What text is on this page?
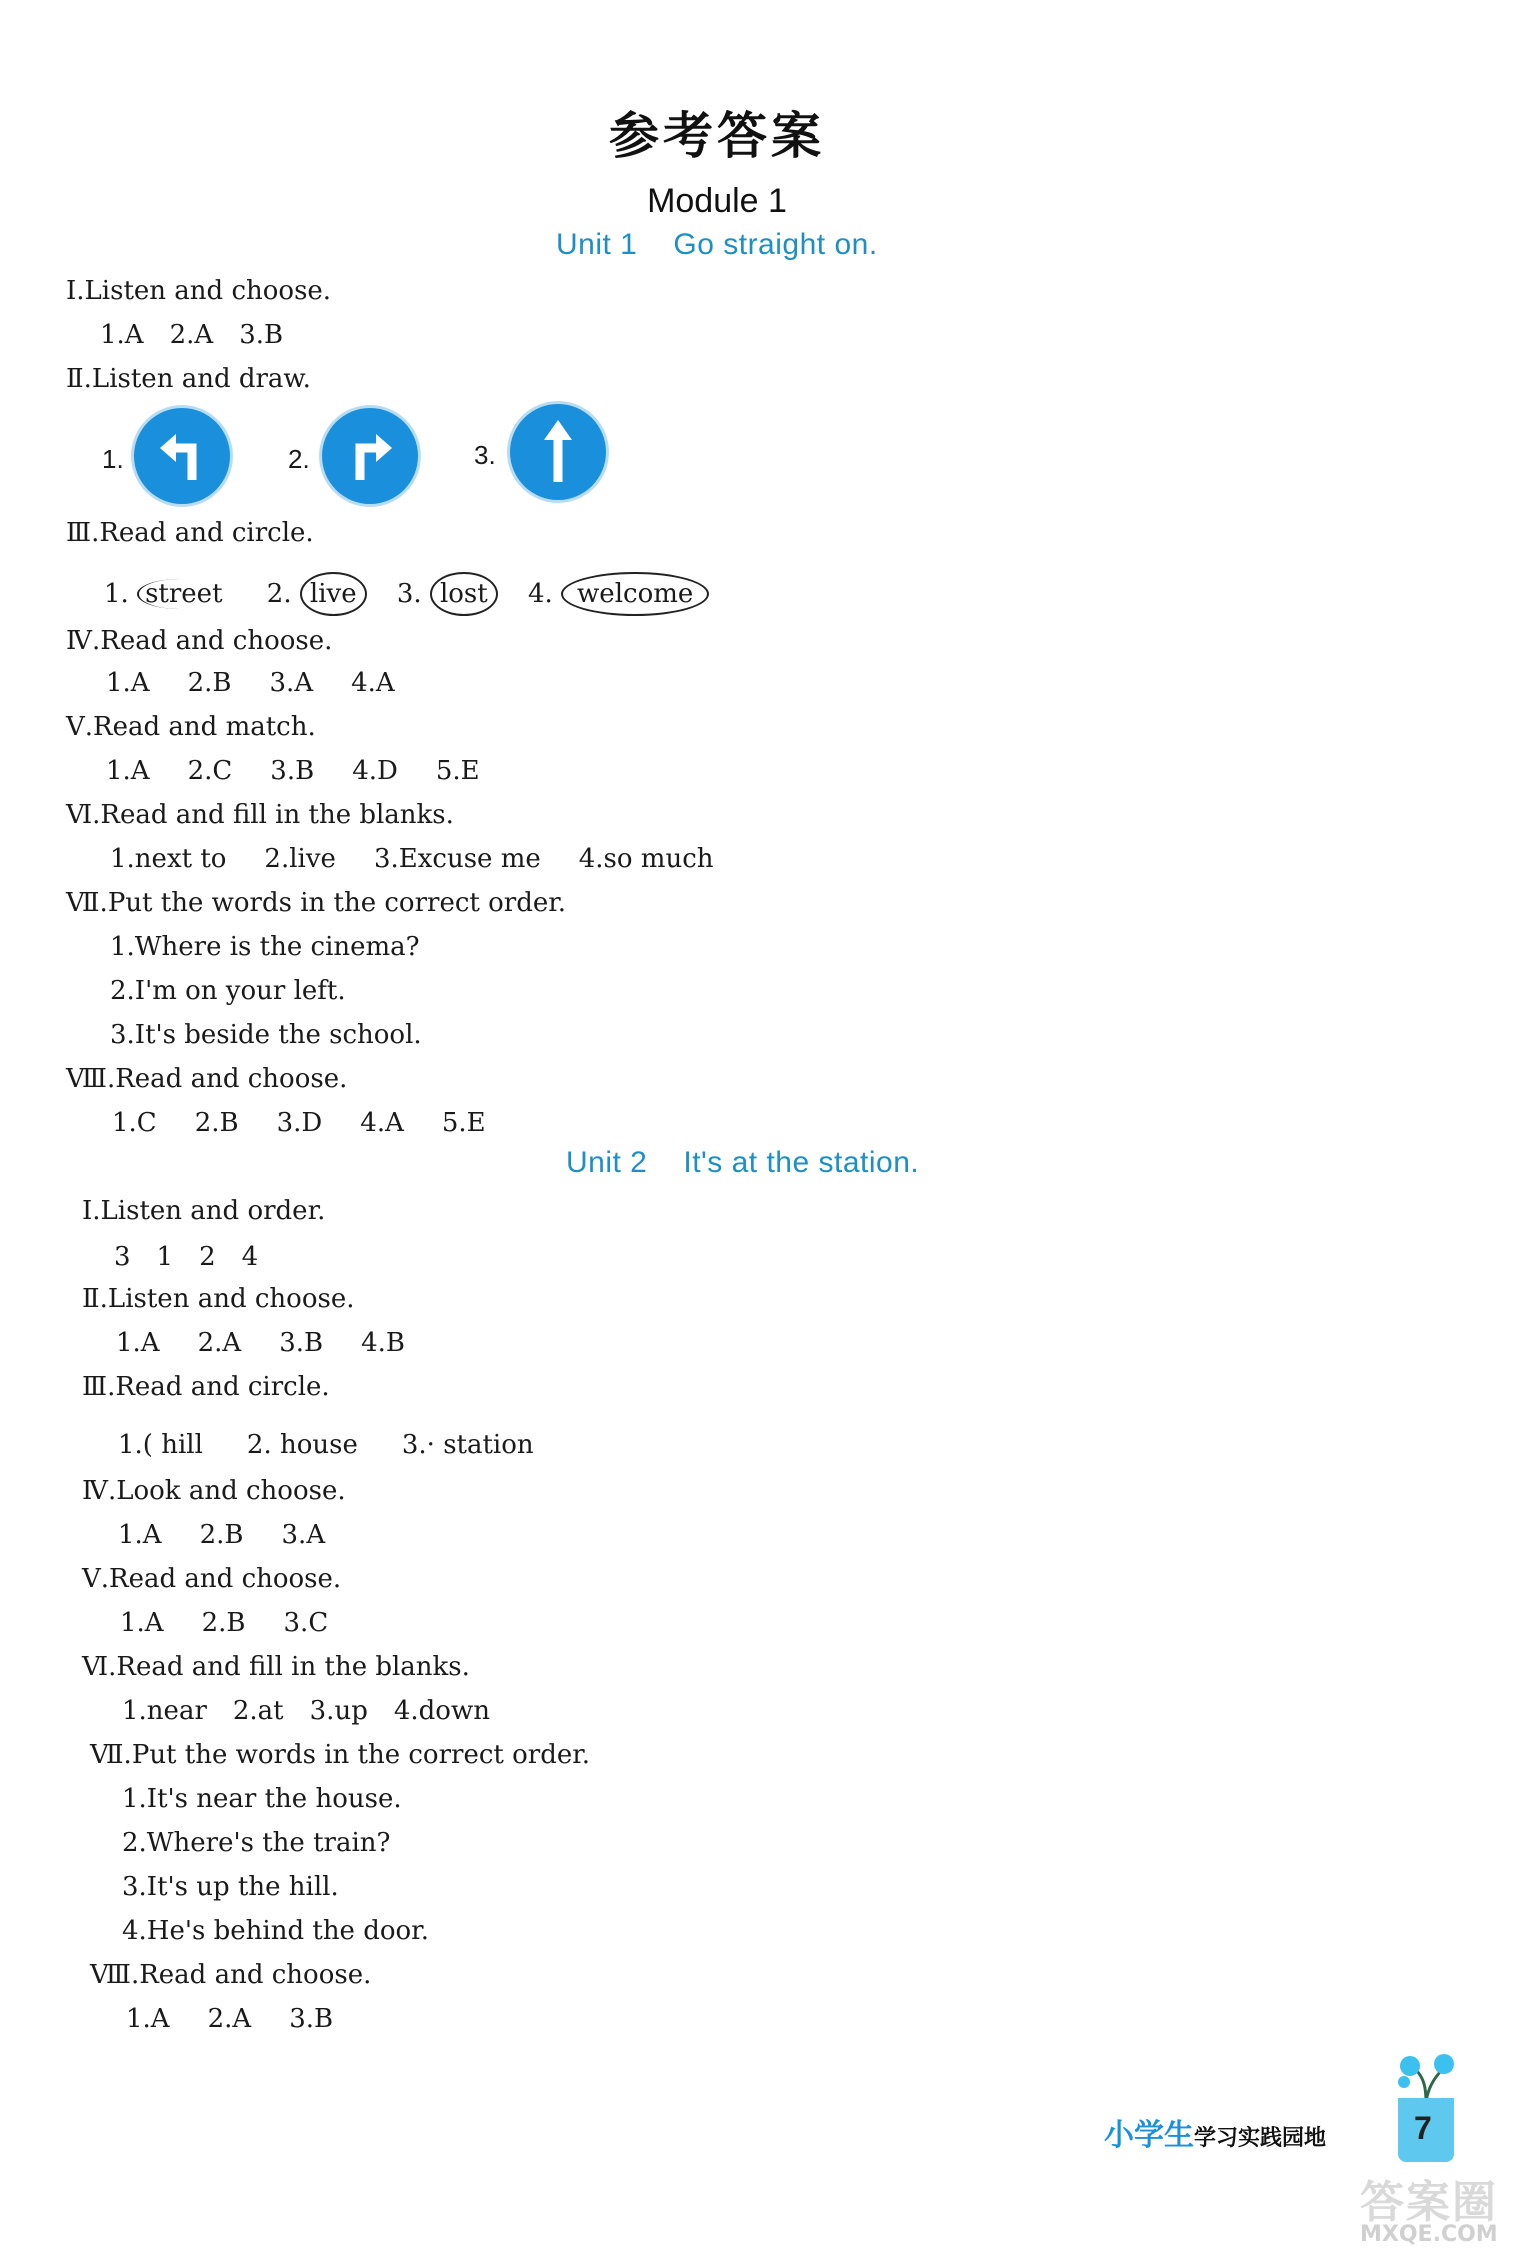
参考答案
Module 1
Unit 1 Go straight on.
Ⅰ.Listen and choose.
1.A 2.A 3.B
Ⅱ.Listen and draw.
1.	2.	3.
Ⅲ.Read and circle.
1. street 2. live 3. lost 4. welcome
Ⅳ.Read and choose.
1.A 2.B 3.A 4.A
Ⅴ.Read and match.
1.A 2.C 3.B 4.D 5.E
Ⅵ.Read and fill in the blanks.
1.next to 2.live 3.Excuse me 4.so much
Ⅶ.Put the words in the correct order.
1.Where is the cinema?
2.I'm on your left.
3.It's beside the school.
Ⅷ.Read and choose.
1.C 2.B 3.D 4.A 5.E
Unit 2 It's at the station.
Ⅰ.Listen and order.
3 1 2 4
Ⅱ.Listen and choose.
1.A 2.A 3.B 4.B
Ⅲ.Read and circle.
1.( hill 2. house 3.· station
Ⅳ.Look and choose.
1.A 2.B 3.A
Ⅴ.Read and choose.
1.A 2.B 3.C
Ⅵ.Read and fill in the blanks.
1.near 2.at 3.up 4.down
Ⅶ.Put the words in the correct order.
1.It's near the house.
2.Where's the train?
3.It's up the hill.
4.He's behind the door.
Ⅷ.Read and choose.
1.A 2.A 3.B
小学生学习实践园地	7
答案圈
MXQE.COM
